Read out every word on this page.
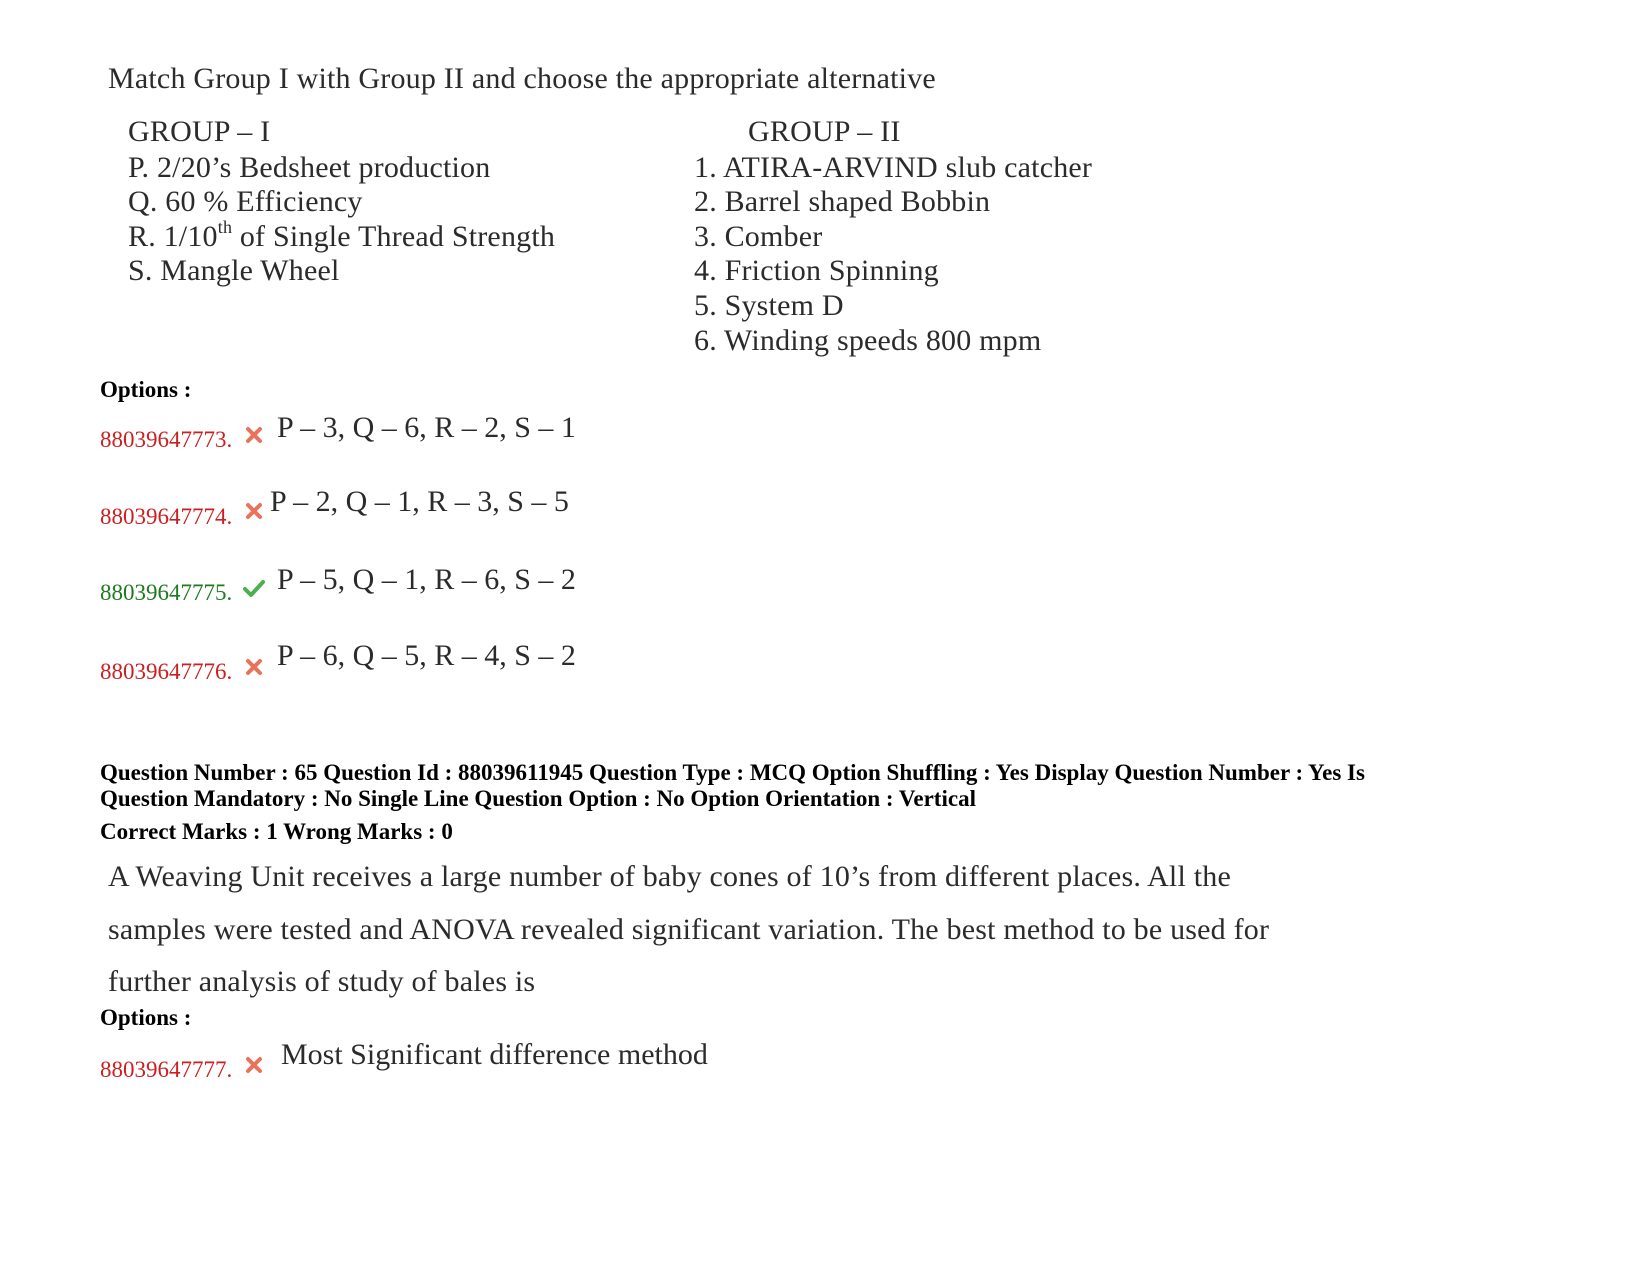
Match Group I with Group II and choose the appropriate alternative
GROUP – I
P. 2/20’s Bedsheet production
Q. 60 % Efficiency
R. 1/10th of Single Thread Strength
S. Mangle Wheel
GROUP – II
1. ATIRA-ARVIND slub catcher
2. Barrel shaped Bobbin
3. Comber
4. Friction Spinning
5. System D
6. Winding speeds 800 mpm
Options :
88039647773. P – 3, Q – 6, R – 2, S – 1
88039647774. P – 2, Q – 1, R – 3, S – 5
88039647775. P – 5, Q – 1, R – 6, S – 2
88039647776. P – 6, Q – 5, R – 4, S – 2
Question Number : 65 Question Id : 88039611945 Question Type : MCQ Option Shuffling : Yes Display Question Number : Yes Is
Question Mandatory : No Single Line Question Option : No Option Orientation : Vertical
Correct Marks : 1 Wrong Marks : 0
A Weaving Unit receives a large number of baby cones of 10’s from different places. All the
samples were tested and ANOVA revealed significant variation. The best method to be used for
further analysis of study of bales is
Options :
88039647777. Most Significant difference method
